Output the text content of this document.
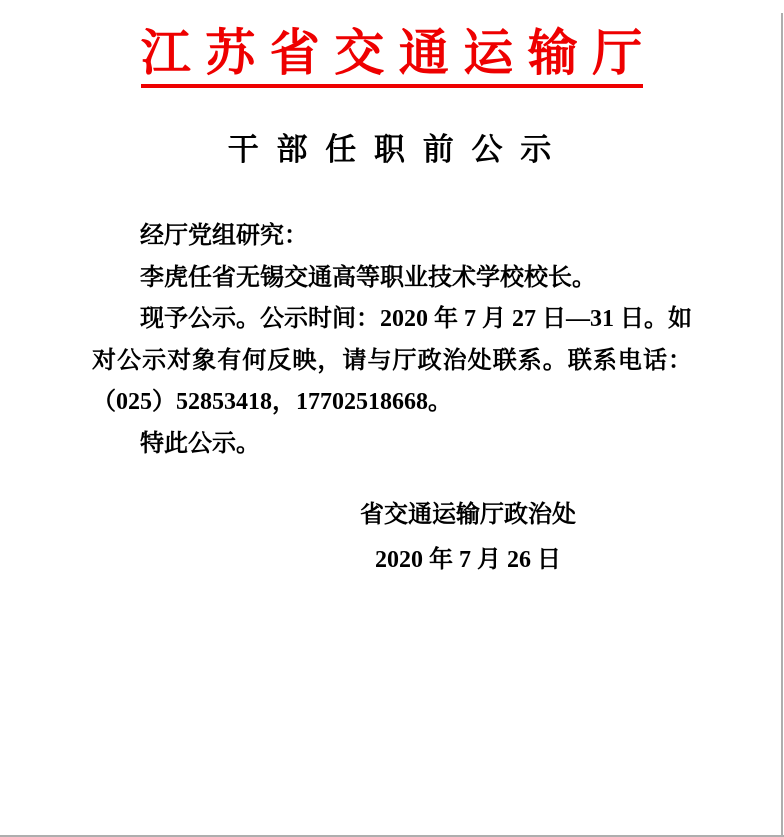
江 苏 省 交 通 运 输 厅
干 部 任 职 前 公 示

经厅党组研究：

李虎任省无锡交通高等职业技术学校校长。

现予公示。公示时间：2020 年 7 月 27 日—31 日。如对公示对象有何反映，请与厅政治处联系。联系电话：（025）52853418，17702518668。

特此公示。

省交通运输厅政治处
2020 年 7 月 26 日
